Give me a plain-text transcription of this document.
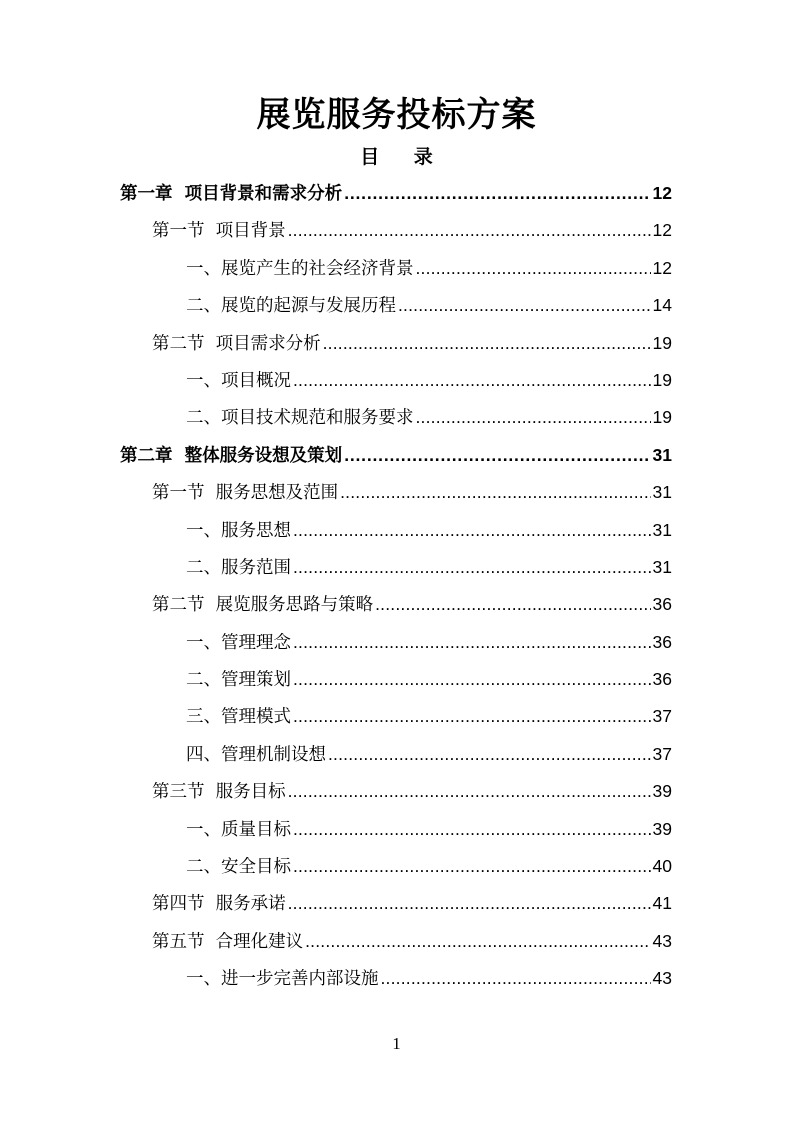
展览服务投标方案
目 录
第一章  项目背景和需求分析 .....	12
第一节  项目背景 .....	12
一、展览产生的社会经济背景 .....	12
二、展览的起源与发展历程 .....	14
第二节  项目需求分析 .....	19
一、项目概况 .....	19
二、项目技术规范和服务要求 .....	19
第二章  整体服务设想及策划 .....	31
第一节  服务思想及范围 .....	31
一、服务思想 .....	31
二、服务范围 .....	31
第二节  展览服务思路与策略 .....	36
一、管理理念 .....	36
二、管理策划 .....	36
三、管理模式 .....	37
四、管理机制设想 .....	37
第三节  服务目标 .....	39
一、质量目标 .....	39
二、安全目标 .....	40
第四节  服务承诺 .....	41
第五节  合理化建议 .....	43
一、进一步完善内部设施 .....	43
1
